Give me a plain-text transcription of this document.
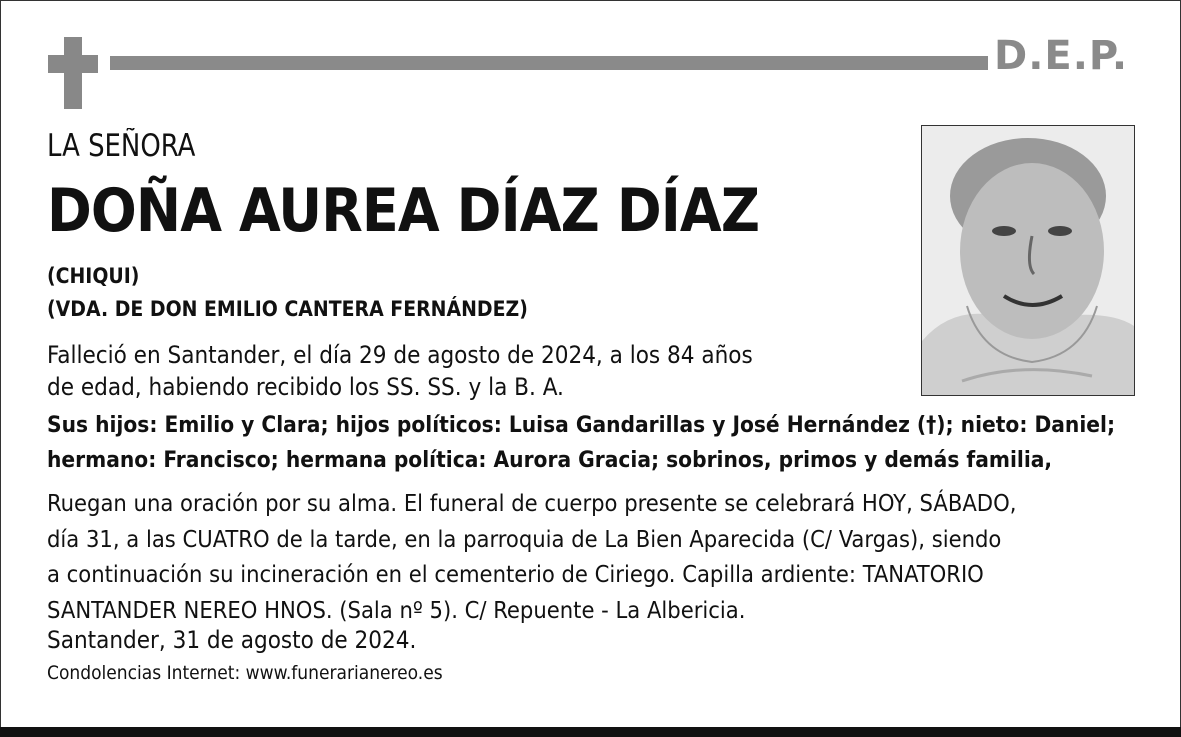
D.E.P.
LA SEÑORA
DOÑA AUREA DÍAZ DÍAZ
(CHIQUI)
(VDA. DE DON EMILIO CANTERA FERNÁNDEZ)
Falleció en Santander, el día 29 de agosto de 2024, a los 84 años
de edad, habiendo recibido los SS. SS. y la B. A.
Sus hijos: Emilio y Clara; hijos políticos: Luisa Gandarillas y José Hernández (†); nieto: Daniel;
hermano: Francisco; hermana política: Aurora Gracia; sobrinos, primos y demás familia,
Ruegan una oración por su alma. El funeral de cuerpo presente se celebrará HOY, SÁBADO,
día 31, a las CUATRO de la tarde, en la parroquia de La Bien Aparecida (C/ Vargas), siendo
a continuación su incineración en el cementerio de Ciriego. Capilla ardiente: TANATORIO
SANTANDER NEREO HNOS. (Sala nº 5). C/ Repuente - La Albericia.
Santander, 31 de agosto de 2024.
Condolencias Internet: www.funerarianereo.es
